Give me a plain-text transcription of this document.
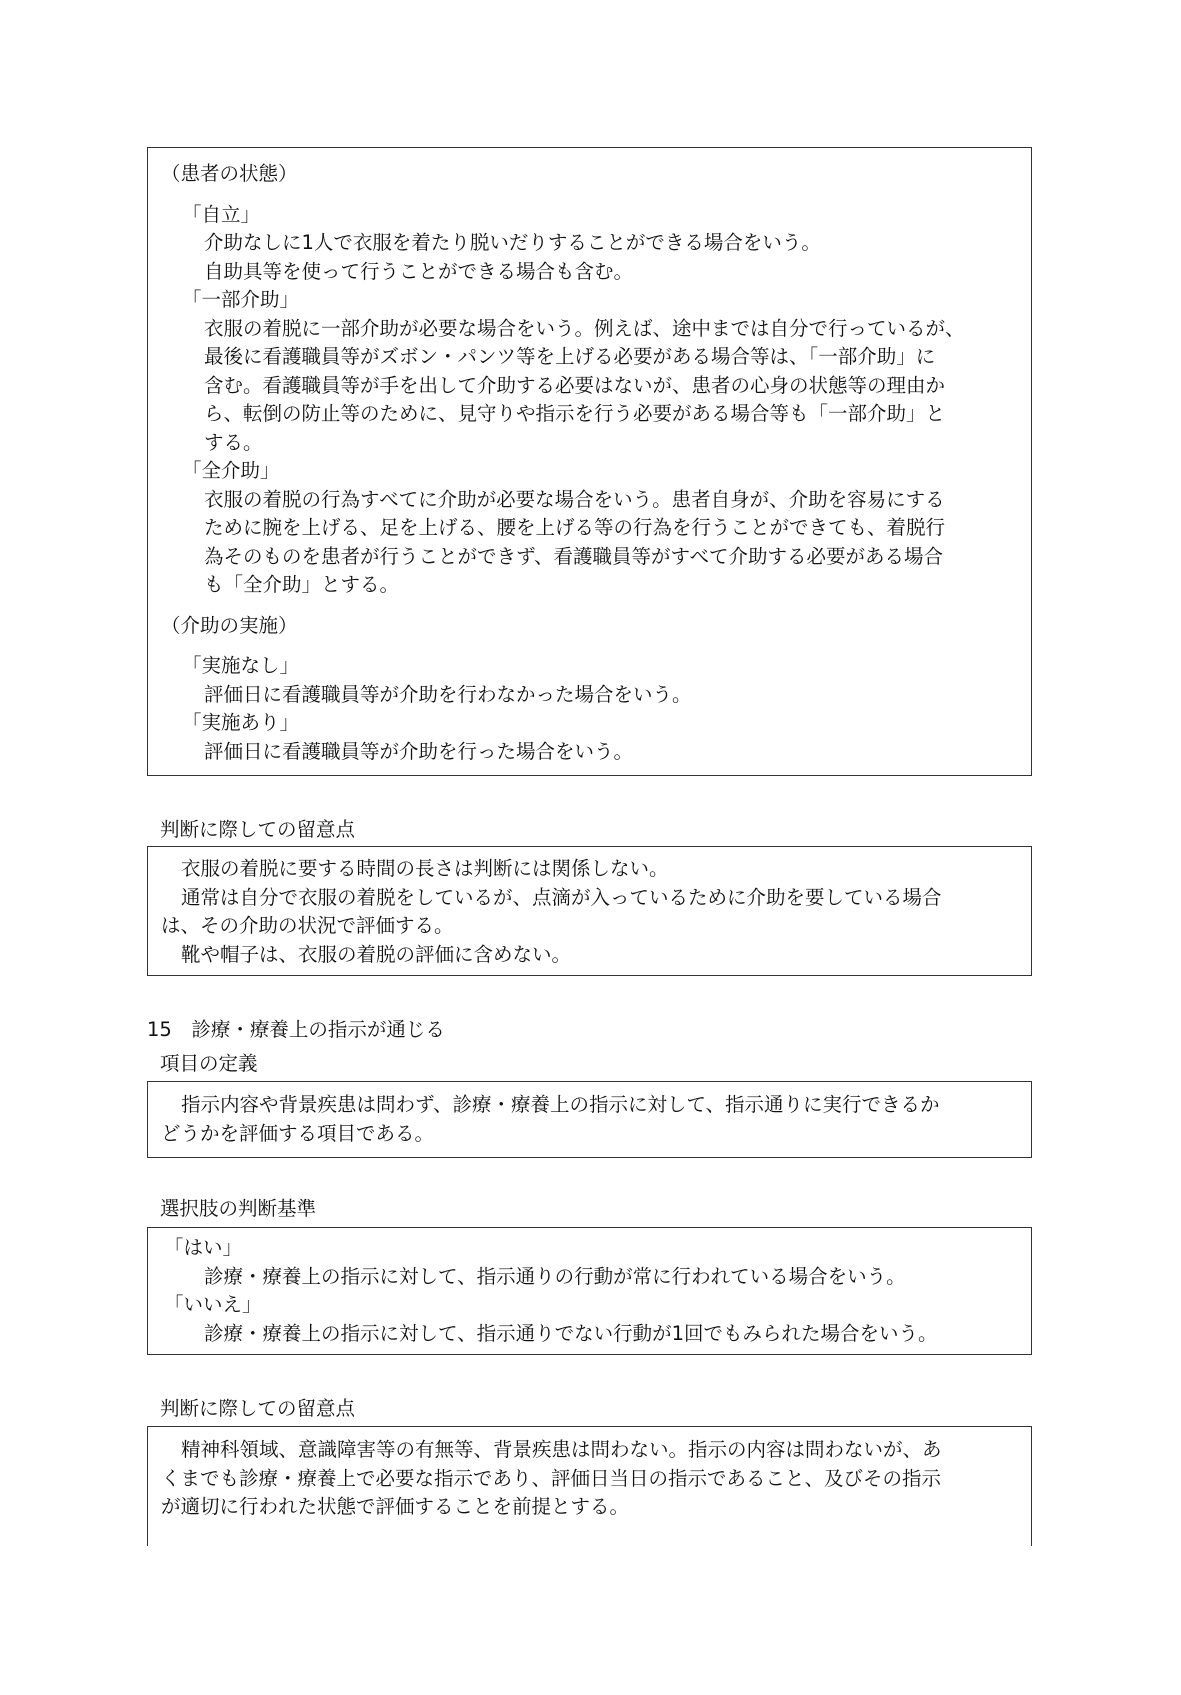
（患者の状態）
「自立」
介助なしに1人で衣服を着たり脱いだりすることができる場合をいう。
自助具等を使って行うことができる場合も含む。
「一部介助」
衣服の着脱に一部介助が必要な場合をいう。例えば、途中までは自分で行っているが、
最後に看護職員等がズボン・パンツ等を上げる必要がある場合等は、「一部介助」に
含む。看護職員等が手を出して介助する必要はないが、患者の心身の状態等の理由か
ら、転倒の防止等のために、見守りや指示を行う必要がある場合等も「一部介助」と
する。
「全介助」
衣服の着脱の行為すべてに介助が必要な場合をいう。患者自身が、介助を容易にする
ために腕を上げる、足を上げる、腰を上げる等の行為を行うことができても、着脱行
為そのものを患者が行うことができず、看護職員等がすべて介助する必要がある場合
も「全介助」とする。
（介助の実施）
「実施なし」
評価日に看護職員等が介助を行わなかった場合をいう。
「実施あり」
評価日に看護職員等が介助を行った場合をいう。
判断に際しての留意点
衣服の着脱に要する時間の長さは判断には関係しない。
通常は自分で衣服の着脱をしているが、点滴が入っているために介助を要している場合
は、その介助の状況で評価する。
靴や帽子は、衣服の着脱の評価に含めない。
15　診療・療養上の指示が通じる
項目の定義
指示内容や背景疾患は問わず、診療・療養上の指示に対して、指示通りに実行できるか
どうかを評価する項目である。
選択肢の判断基準
「はい」
診療・療養上の指示に対して、指示通りの行動が常に行われている場合をいう。
「いいえ」
診療・療養上の指示に対して、指示通りでない行動が1回でもみられた場合をいう。
判断に際しての留意点
精神科領域、意識障害等の有無等、背景疾患は問わない。指示の内容は問わないが、あ
くまでも診療・療養上で必要な指示であり、評価日当日の指示であること、及びその指示
が適切に行われた状態で評価することを前提とする。
